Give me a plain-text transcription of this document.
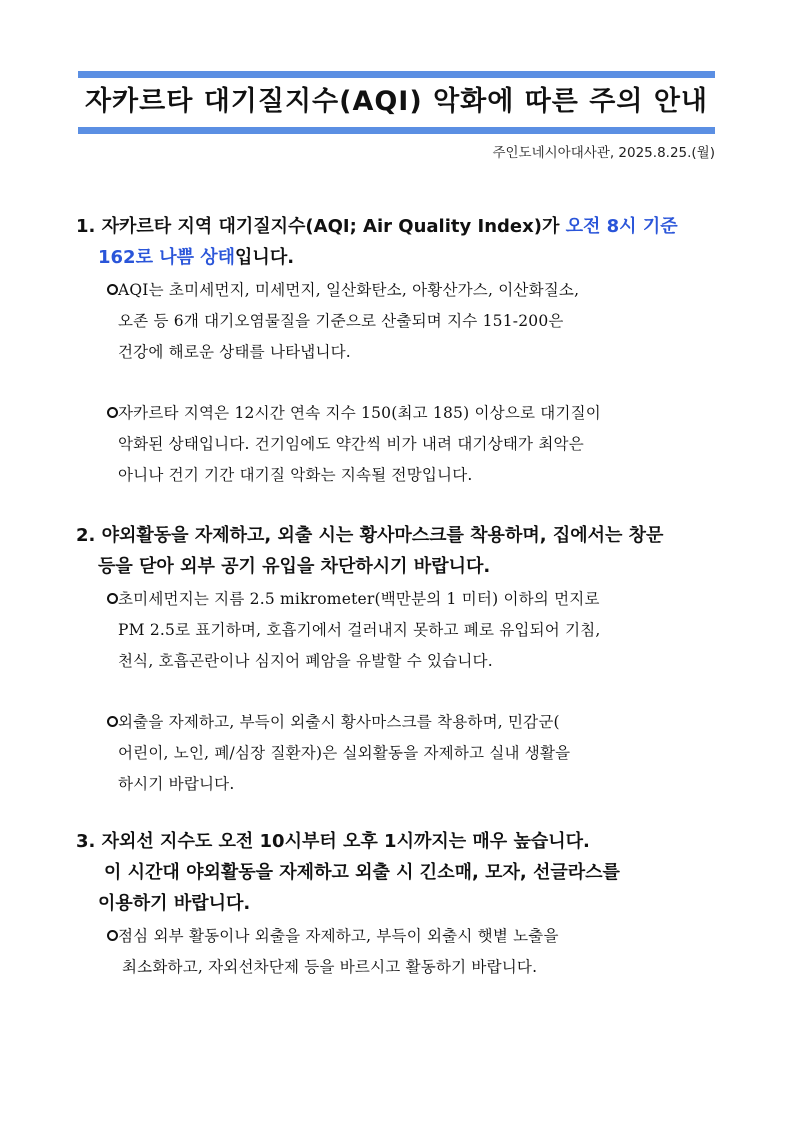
자카르타 대기질지수(AQI) 악화에 따른 주의 안내
주인도네시아대사관, 2025.8.25.(월)
1. 자카르타 지역 대기질지수(AQI; Air Quality Index)가 오전 8시 기준
162로 나쁨 상태입니다.
AQI는 초미세먼지, 미세먼지, 일산화탄소, 아황산가스, 이산화질소,
오존 등 6개 대기오염물질을 기준으로 산출되며 지수 151-200은
건강에 해로운 상태를 나타냅니다.
자카르타 지역은 12시간 연속 지수 150(최고 185) 이상으로 대기질이
악화된 상태입니다. 건기임에도 약간씩 비가 내려 대기상태가 최악은
아니나 건기 기간 대기질 악화는 지속될 전망입니다.
2. 야외활동을 자제하고, 외출 시는 황사마스크를 착용하며, 집에서는 창문
등을 닫아 외부 공기 유입을 차단하시기 바랍니다.
초미세먼지는 지름 2.5 mikrometer(백만분의 1 미터) 이하의 먼지로
PM 2.5로 표기하며, 호흡기에서 걸러내지 못하고 폐로 유입되어 기침,
천식, 호흡곤란이나 심지어 폐암을 유발할 수 있습니다.
외출을 자제하고, 부득이 외출시 황사마스크를 착용하며, 민감군(
어린이, 노인, 폐/심장 질환자)은 실외활동을 자제하고 실내 생활을
하시기 바랍니다.
3. 자외선 지수도 오전 10시부터 오후 1시까지는 매우 높습니다.
이 시간대 야외활동을 자제하고 외출 시 긴소매, 모자, 선글라스를
이용하기 바랍니다.
점심 외부 활동이나 외출을 자제하고, 부득이 외출시 햇볕 노출을
최소화하고, 자외선차단제 등을 바르시고 활동하기 바랍니다.
